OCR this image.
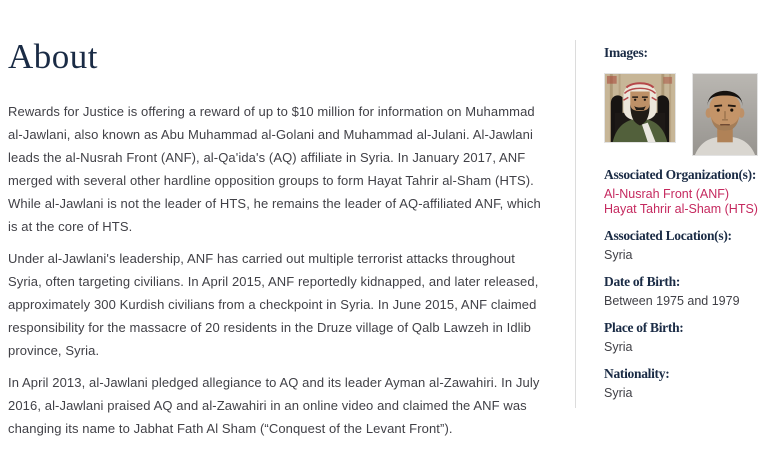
About

Rewards for Justice is offering a reward of up to $10 million for information on Muhammad al-Jawlani, also known as Abu Muhammad al-Golani and Muhammad al-Julani. Al-Jawlani leads the al-Nusrah Front (ANF), al-Qa'ida's (AQ) affiliate in Syria. In January 2017, ANF merged with several other hardline opposition groups to form Hayat Tahrir al-Sham (HTS). While al-Jawlani is not the leader of HTS, he remains the leader of AQ-affiliated ANF, which is at the core of HTS.

Under al-Jawlani's leadership, ANF has carried out multiple terrorist attacks throughout Syria, often targeting civilians. In April 2015, ANF reportedly kidnapped, and later released, approximately 300 Kurdish civilians from a checkpoint in Syria. In June 2015, ANF claimed responsibility for the massacre of 20 residents in the Druze village of Qalb Lawzeh in Idlib province, Syria.

In April 2013, al-Jawlani pledged allegiance to AQ and its leader Ayman al-Zawahiri. In July 2016, al-Jawlani praised AQ and al-Zawahiri in an online video and claimed the ANF was changing its name to Jabhat Fath Al Sham (“Conquest of the Levant Front”).

Images:
Associated Organization(s):
Al-Nusrah Front (ANF)
Hayat Tahrir al-Sham (HTS)
Associated Location(s):
Syria
Date of Birth:
Between 1975 and 1979
Place of Birth:
Syria
Nationality:
Syria
